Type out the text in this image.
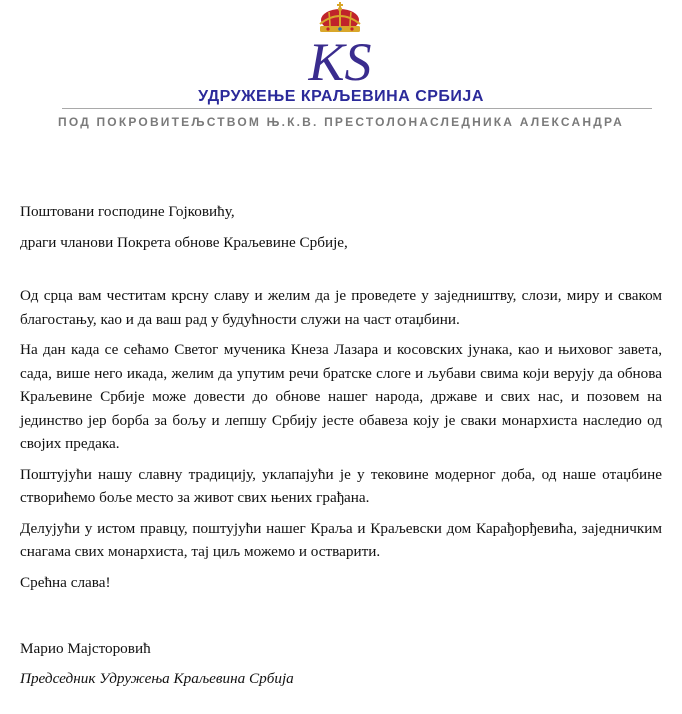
KS
УДРУЖЕЊЕ КРАЉЕВИНА СРБИЈА
ПОД ПОКРОВИТЕЉСТВОМ Њ.К.В. ПРЕСТОЛОНАСЛЕДНИКА АЛЕКСАНДРА

Поштовани господине Гојковићу,

драги чланови Покрета обнове Краљевине Србије,

Од срца вам честитам крсну славу и желим да је проведете у заједништву, слози, миру и сваком благостању, као и да ваш рад у будућности служи на част отаџбини.

На дан када се сећамо Светог мученика Кнеза Лазара и косовских јунака, као и њиховог завета, сада, више него икада, желим да упутим речи братске слоге и љубави свима који верују да обнова Краљевине Србије може довести до обнове нашег народа, државе и свих нас, и позовем на јединство јер борба за бољу и лепшу Србију јесте обавеза коју је сваки монархиста наследио од својих предака.

Поштујући нашу славну традицију, уклапајући је у тековине модерног доба, од наше отаџбине створићемо боље место за живот свих њених грађана.

Делујући у истом правцу, поштујући нашег Краља и Краљевски дом Карађорђевића, заједничким снагама свих монархиста, тај циљ можемо и остварити.

Срећна слава!

Марио Мајсторовић

Председник Удружења Краљевина Србија
